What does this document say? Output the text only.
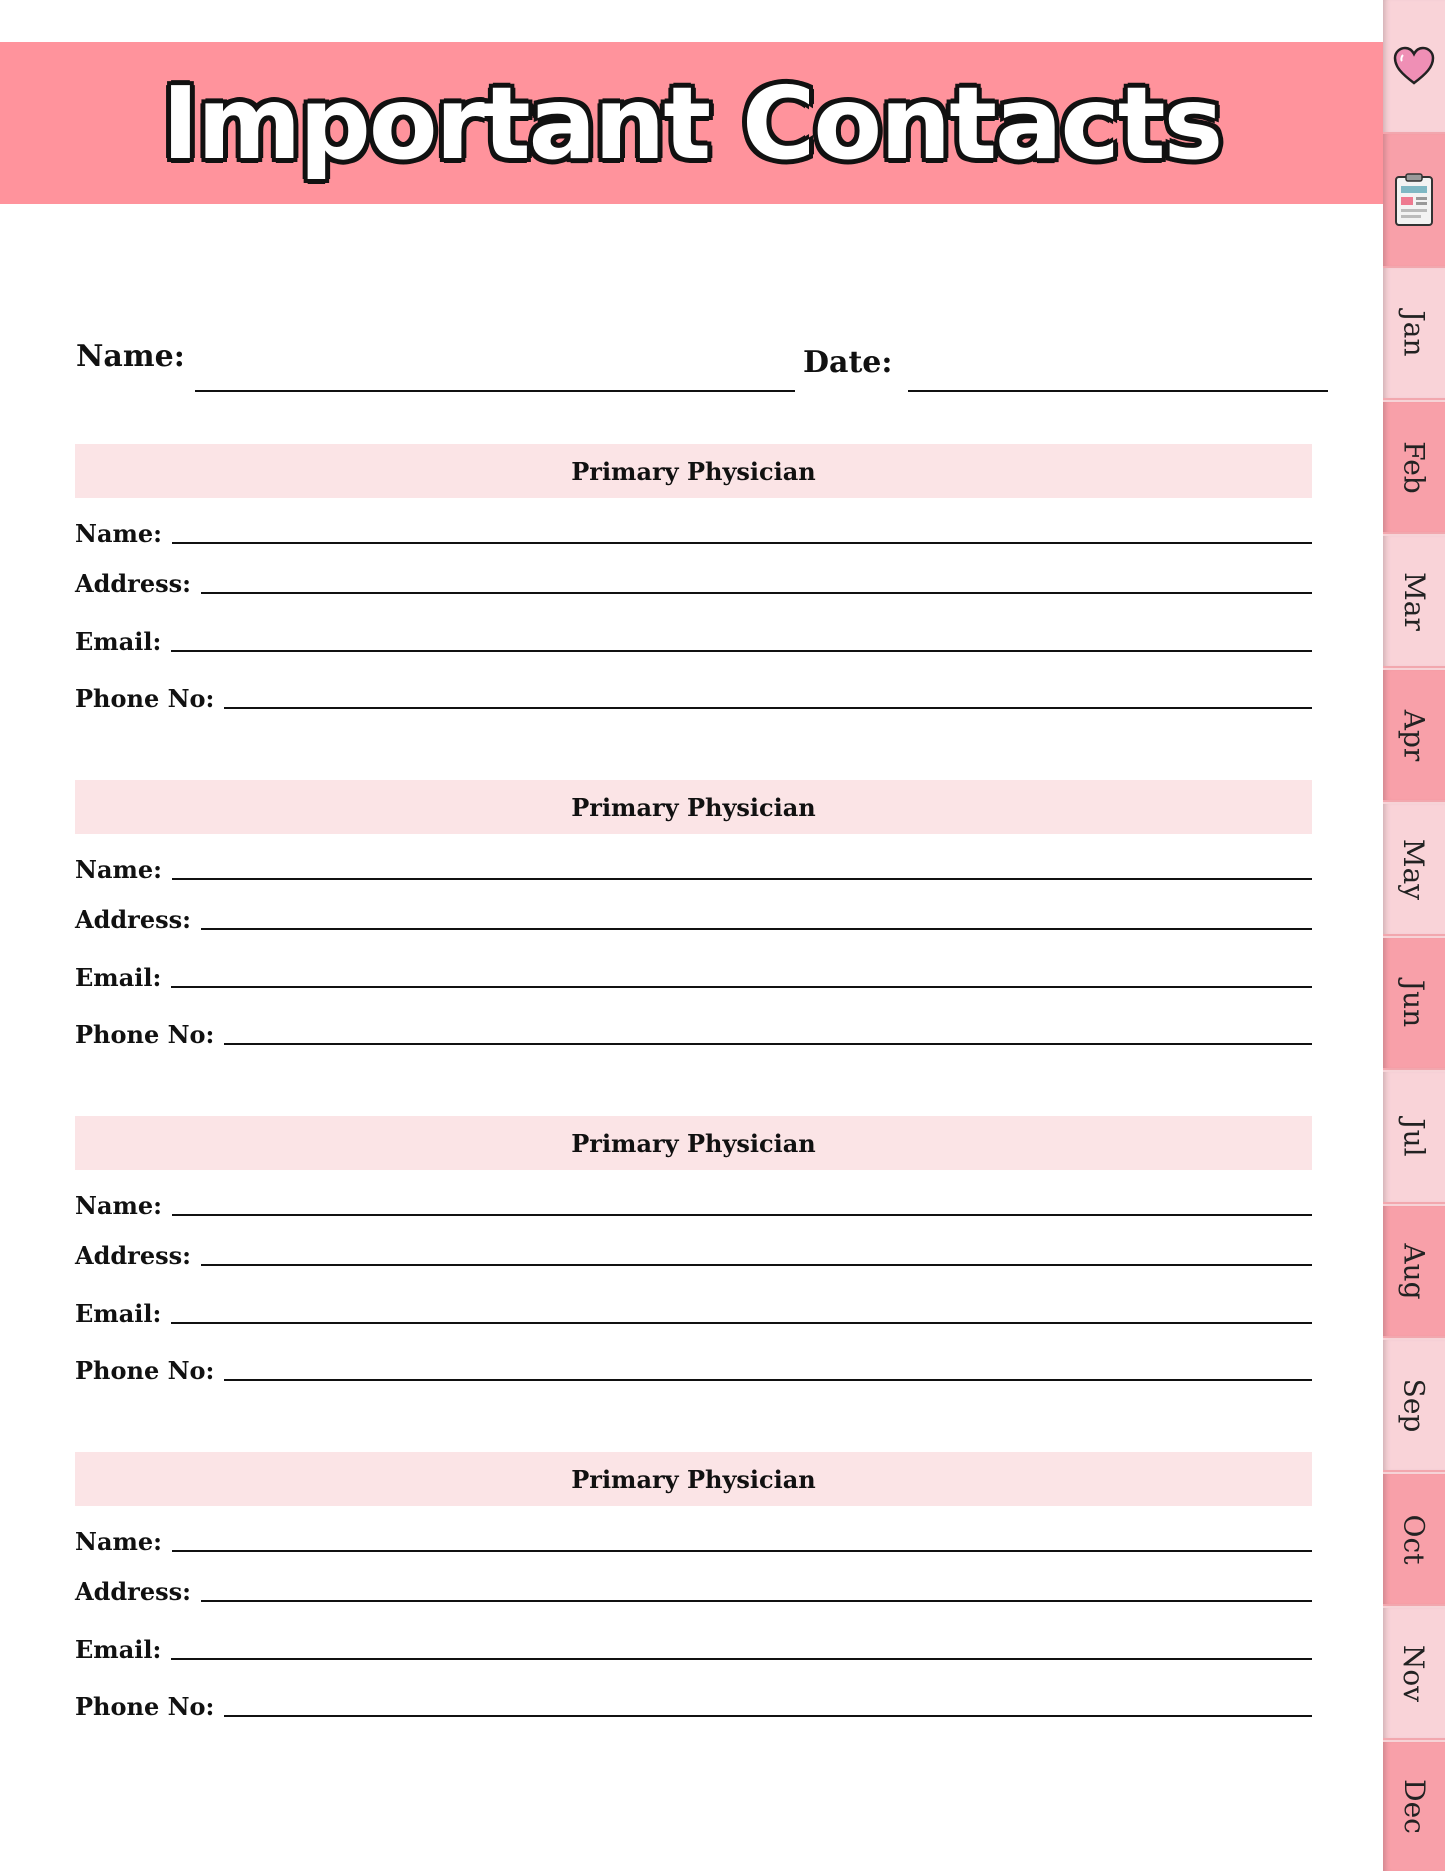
Important Contacts
Name:	Date:
Primary Physician
Name:
Address:
Email:
Phone No:
Primary Physician
Name:
Address:
Email:
Phone No:
Primary Physician
Name:
Address:
Email:
Phone No:
Primary Physician
Name:
Address:
Email:
Phone No:
Jan
Feb
Mar
Apr
May
Jun
Jul
Aug
Sep
Oct
Nov
Dec
